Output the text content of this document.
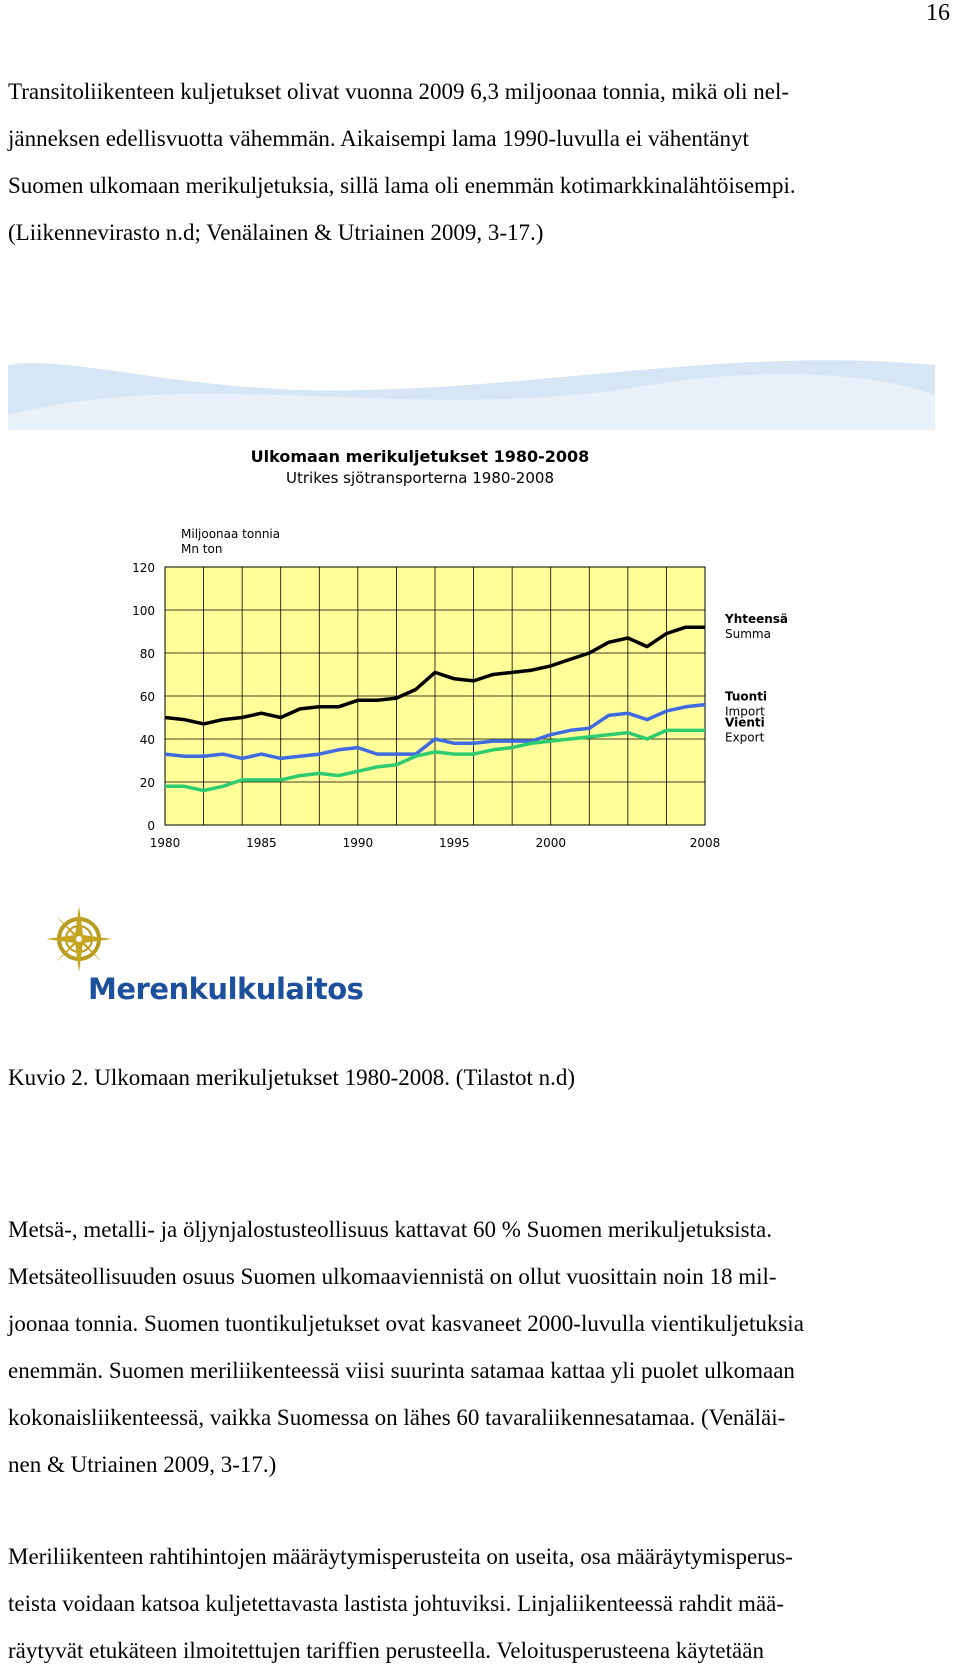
16
Transitoliikenteen kuljetukset olivat vuonna 2009 6,3 miljoonaa tonnia, mikä oli nel-
jänneksen edellisvuotta vähemmän. Aikaisempi lama 1990-luvulla ei vähentänyt
Suomen ulkomaan merikuljetuksia, sillä lama oli enemmän kotimarkkinalähtöisempi.
(Liikennevirasto n.d; Venälainen & Utriainen 2009, 3-17.)
Ulkomaan merikuljetukset 1980-2008
Utrikes sjötransporterna 1980-2008
Miljoonaa tonnia
Mn ton
0
20
40
60
80
100
120
1980	1985	1990	1995	2000	2008
Yhteensä
Summa
Tuonti
Import
Vienti
Export
Merenkulkulaitos
Kuvio 2. Ulkomaan merikuljetukset 1980-2008. (Tilastot n.d)
Metsä-, metalli- ja öljynjalostusteollisuus kattavat 60 % Suomen merikuljetuksista.
Metsäteollisuuden osuus Suomen ulkomaaviennistä on ollut vuosittain noin 18 mil-
joonaa tonnia. Suomen tuontikuljetukset ovat kasvaneet 2000-luvulla vientikuljetuksia
enemmän. Suomen meriliikenteessä viisi suurinta satamaa kattaa yli puolet ulkomaan
kokonaisliikenteessä, vaikka Suomessa on lähes 60 tavaraliikennesatamaa. (Venäläi-
nen & Utriainen 2009, 3-17.)
Meriliikenteen rahtihintojen määräytymisperusteita on useita, osa määräytymisperus-
teista voidaan katsoa kuljetettavasta lastista johtuviksi. Linjaliikenteessä rahdit mää-
räytyvät etukäteen ilmoitettujen tariffien perusteella. Veloitusperusteena käytetään
